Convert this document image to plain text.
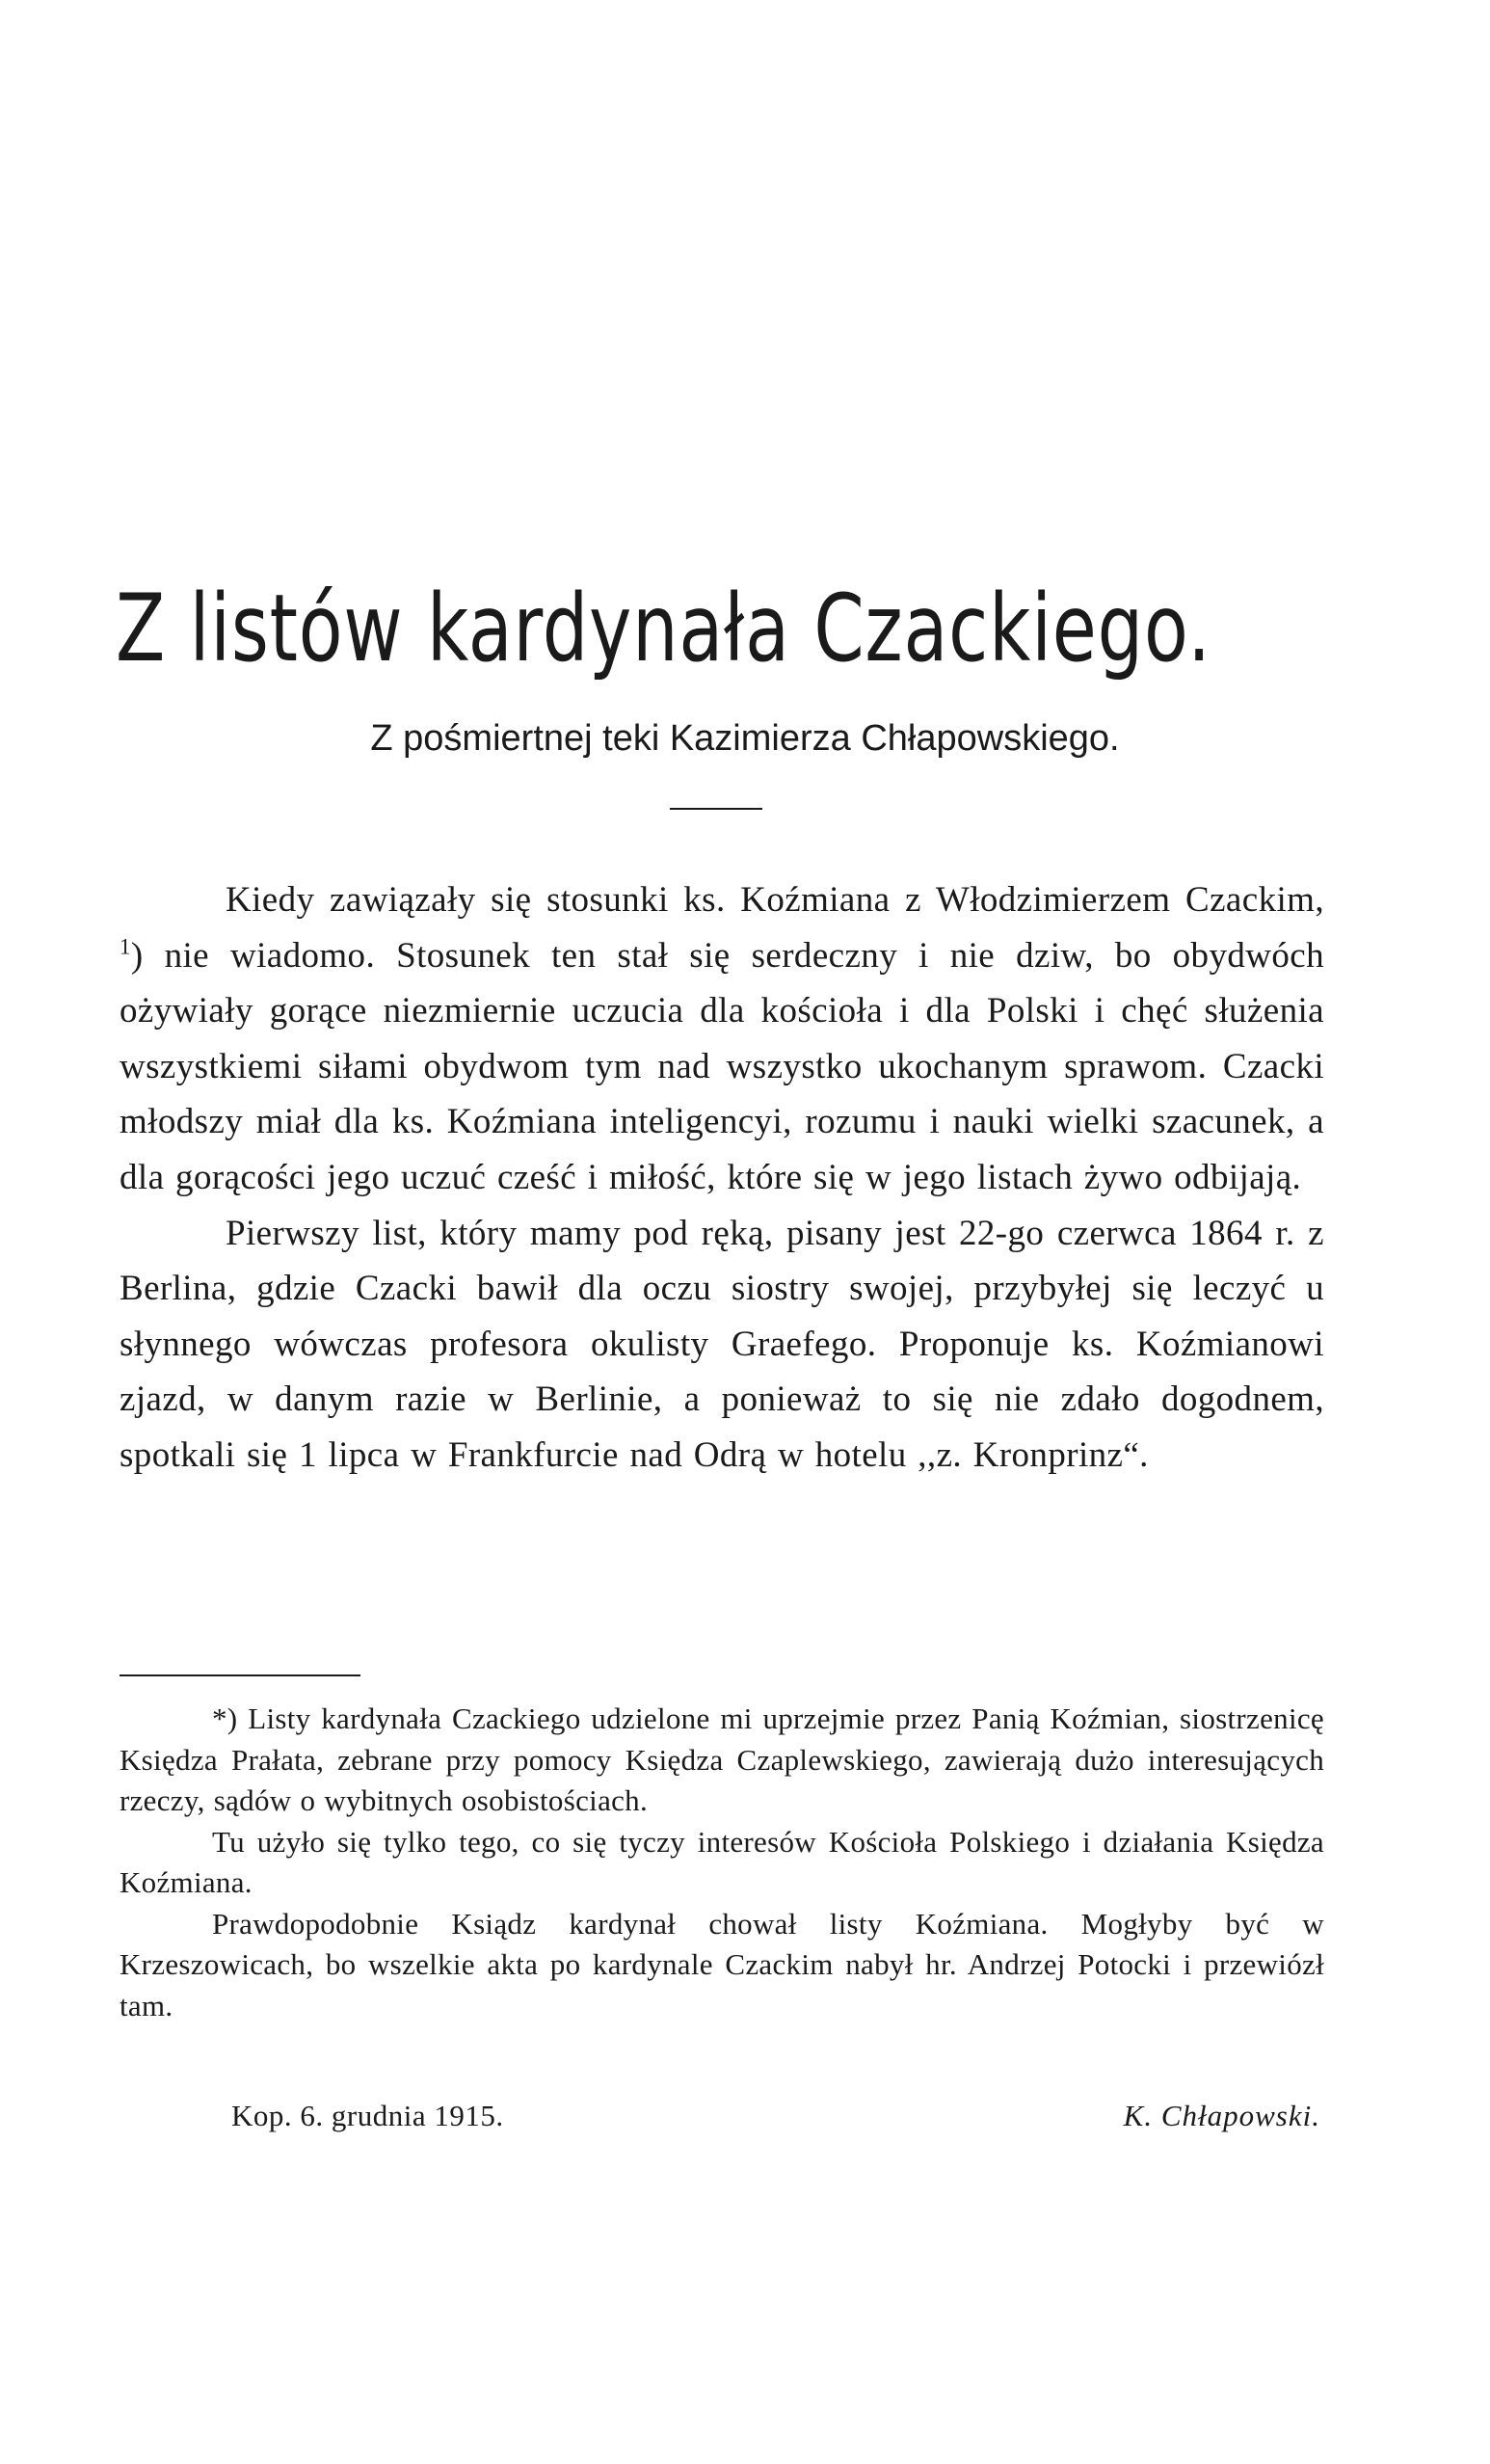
Z listów kardynała Czackiego.
Z pośmiertnej teki Kazimierza Chłapowskiego.

Kiedy zawiązały się stosunki ks. Koźmiana z Włodzimierzem Czackim, $^1$) nie wiadomo. Stosunek ten stał się serdeczny i nie dziw, bo obydwóch ożywiały gorące niezmiernie uczucia dla kościoła i dla Polski i chęć służenia wszystkiemi siłami obydwom tym nad wszystko ukochanym sprawom. Czacki młodszy miał dla ks. Koźmiana inteligencyi, rozumu i nauki wielki szacunek, a dla gorącości jego uczuć cześć i miłość, które się w jego listach żywo odbijają.

Pierwszy list, który mamy pod ręką, pisany jest 22-go czerwca 1864 r. z Berlina, gdzie Czacki bawił dla oczu siostry swojej, przybyłej się leczyć u słynnego wówczas profesora okulisty Graefego. Proponuje ks. Koźmianowi zjazd, w danym razie w Berlinie, a ponieważ to się nie zdało dogodnem, spotkali się 1 lipca w Frankfurcie nad Odrą w hotelu ,,z. Kronprinz“.

*) Listy kardynała Czackiego udzielone mi uprzejmie przez Panią Koźmian, siostrzenicę Księdza Prałata, zebrane przy pomocy Księdza Czaplewskiego, zawierają dużo interesujących rzeczy, sądów o wybitnych osobistościach.

Tu użyło się tylko tego, co się tyczy interesów Kościoła Polskiego i działania Księdza Koźmiana.

Prawdopodobnie Ksiądz kardynał chował listy Koźmiana. Mogłyby być w Krzeszowicach, bo wszelkie akta po kardynale Czackim nabył hr. Andrzej Potocki i przewiózł tam.

Kop. 6. grudnia 1915.	K. Chłapowski.
